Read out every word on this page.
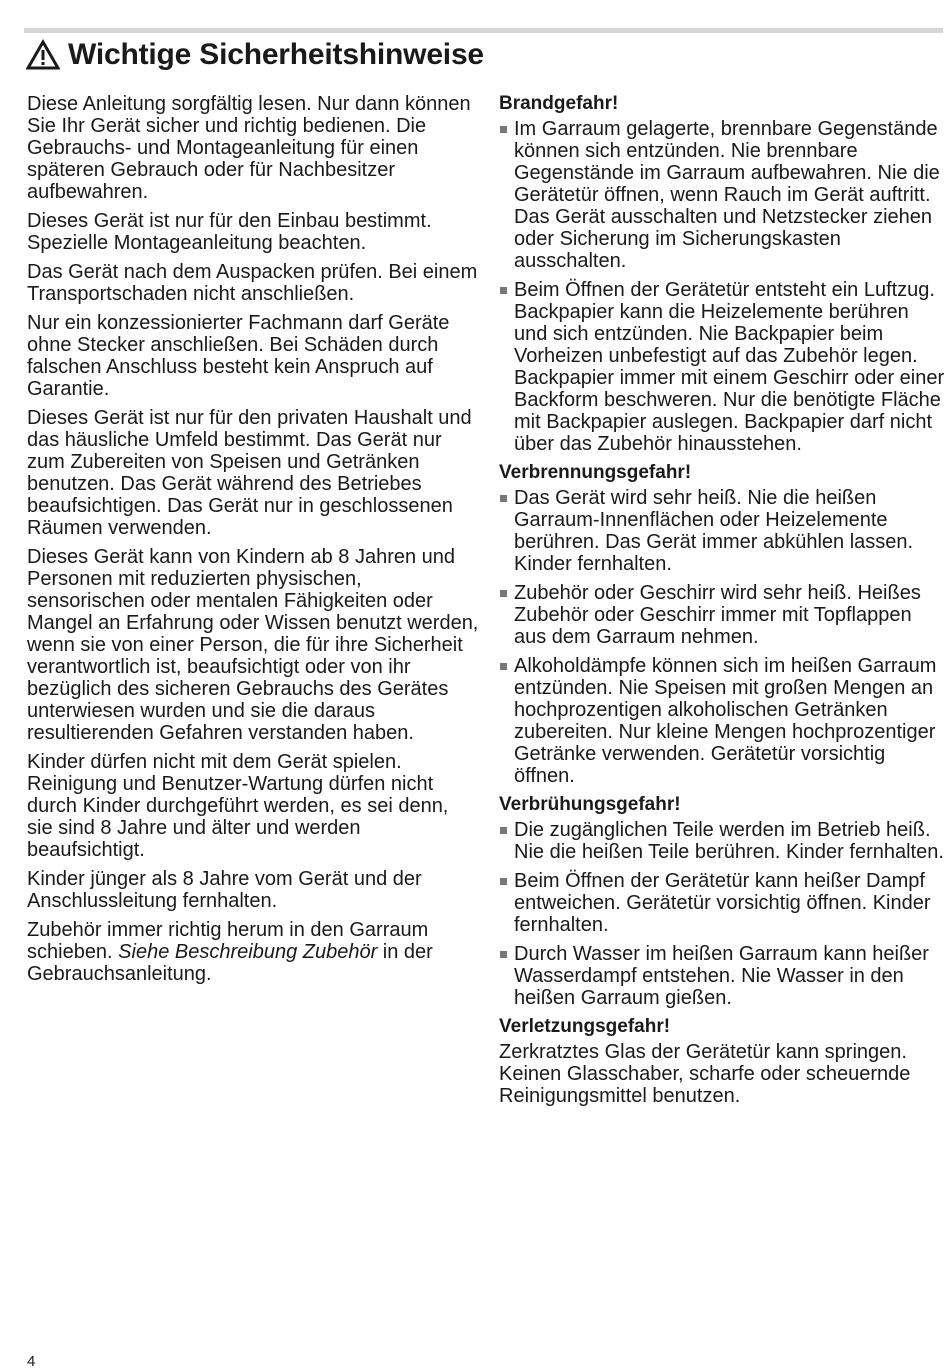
Wichtige Sicherheitshinweise

Diese Anleitung sorgfältig lesen. Nur dann können Sie Ihr Gerät sicher und richtig bedienen. Die Gebrauchs- und Montageanleitung für einen späteren Gebrauch oder für Nachbesitzer aufbewahren.

Dieses Gerät ist nur für den Einbau bestimmt. Spezielle Montageanleitung beachten.

Das Gerät nach dem Auspacken prüfen. Bei einem Transportschaden nicht anschließen.

Nur ein konzessionierter Fachmann darf Geräte ohne Stecker anschließen. Bei Schäden durch falschen Anschluss besteht kein Anspruch auf Garantie.

Dieses Gerät ist nur für den privaten Haushalt und das häusliche Umfeld bestimmt. Das Gerät nur zum Zubereiten von Speisen und Getränken benutzen. Das Gerät während des Betriebes beaufsichtigen. Das Gerät nur in geschlossenen Räumen verwenden.

Dieses Gerät kann von Kindern ab 8 Jahren und Personen mit reduzierten physischen, sensorischen oder mentalen Fähigkeiten oder Mangel an Erfahrung oder Wissen benutzt werden, wenn sie von einer Person, die für ihre Sicherheit verantwortlich ist, beaufsichtigt oder von ihr bezüglich des sicheren Gebrauchs des Gerätes unterwiesen wurden und sie die daraus resultierenden Gefahren verstanden haben.

Kinder dürfen nicht mit dem Gerät spielen. Reinigung und Benutzer-Wartung dürfen nicht durch Kinder durchgeführt werden, es sei denn, sie sind 8 Jahre und älter und werden beaufsichtigt.

Kinder jünger als 8 Jahre vom Gerät und der Anschlussleitung fernhalten.

Zubehör immer richtig herum in den Garraum schieben. Siehe Beschreibung Zubehör in der Gebrauchsanleitung.

Brandgefahr!
Im Garraum gelagerte, brennbare Gegenstände können sich entzünden. Nie brennbare Gegenstände im Garraum aufbewahren. Nie die Gerätetür öffnen, wenn Rauch im Gerät auftritt. Das Gerät ausschalten und Netzstecker ziehen oder Sicherung im Sicherungskasten ausschalten.
Beim Öffnen der Gerätetür entsteht ein Luftzug. Backpapier kann die Heizelemente berühren und sich entzünden. Nie Backpapier beim Vorheizen unbefestigt auf das Zubehör legen. Backpapier immer mit einem Geschirr oder einer Backform beschweren. Nur die benötigte Fläche mit Backpapier auslegen. Backpapier darf nicht über das Zubehör hinausstehen.
Verbrennungsgefahr!
Das Gerät wird sehr heiß. Nie die heißen Garraum-Innenflächen oder Heizelemente berühren. Das Gerät immer abkühlen lassen. Kinder fernhalten.
Zubehör oder Geschirr wird sehr heiß. Heißes Zubehör oder Geschirr immer mit Topflappen aus dem Garraum nehmen.
Alkoholdämpfe können sich im heißen Garraum entzünden. Nie Speisen mit großen Mengen an hochprozentigen alkoholischen Getränken zubereiten. Nur kleine Mengen hochprozentiger Getränke verwenden. Gerätetür vorsichtig öffnen.
Verbrühungsgefahr!
Die zugänglichen Teile werden im Betrieb heiß. Nie die heißen Teile berühren. Kinder fernhalten.
Beim Öffnen der Gerätetür kann heißer Dampf entweichen. Gerätetür vorsichtig öffnen. Kinder fernhalten.
Durch Wasser im heißen Garraum kann heißer Wasserdampf entstehen. Nie Wasser in den heißen Garraum gießen.
Verletzungsgefahr!

Zerkratztes Glas der Gerätetür kann springen. Keinen Glasschaber, scharfe oder scheuernde Reinigungsmittel benutzen.

4
